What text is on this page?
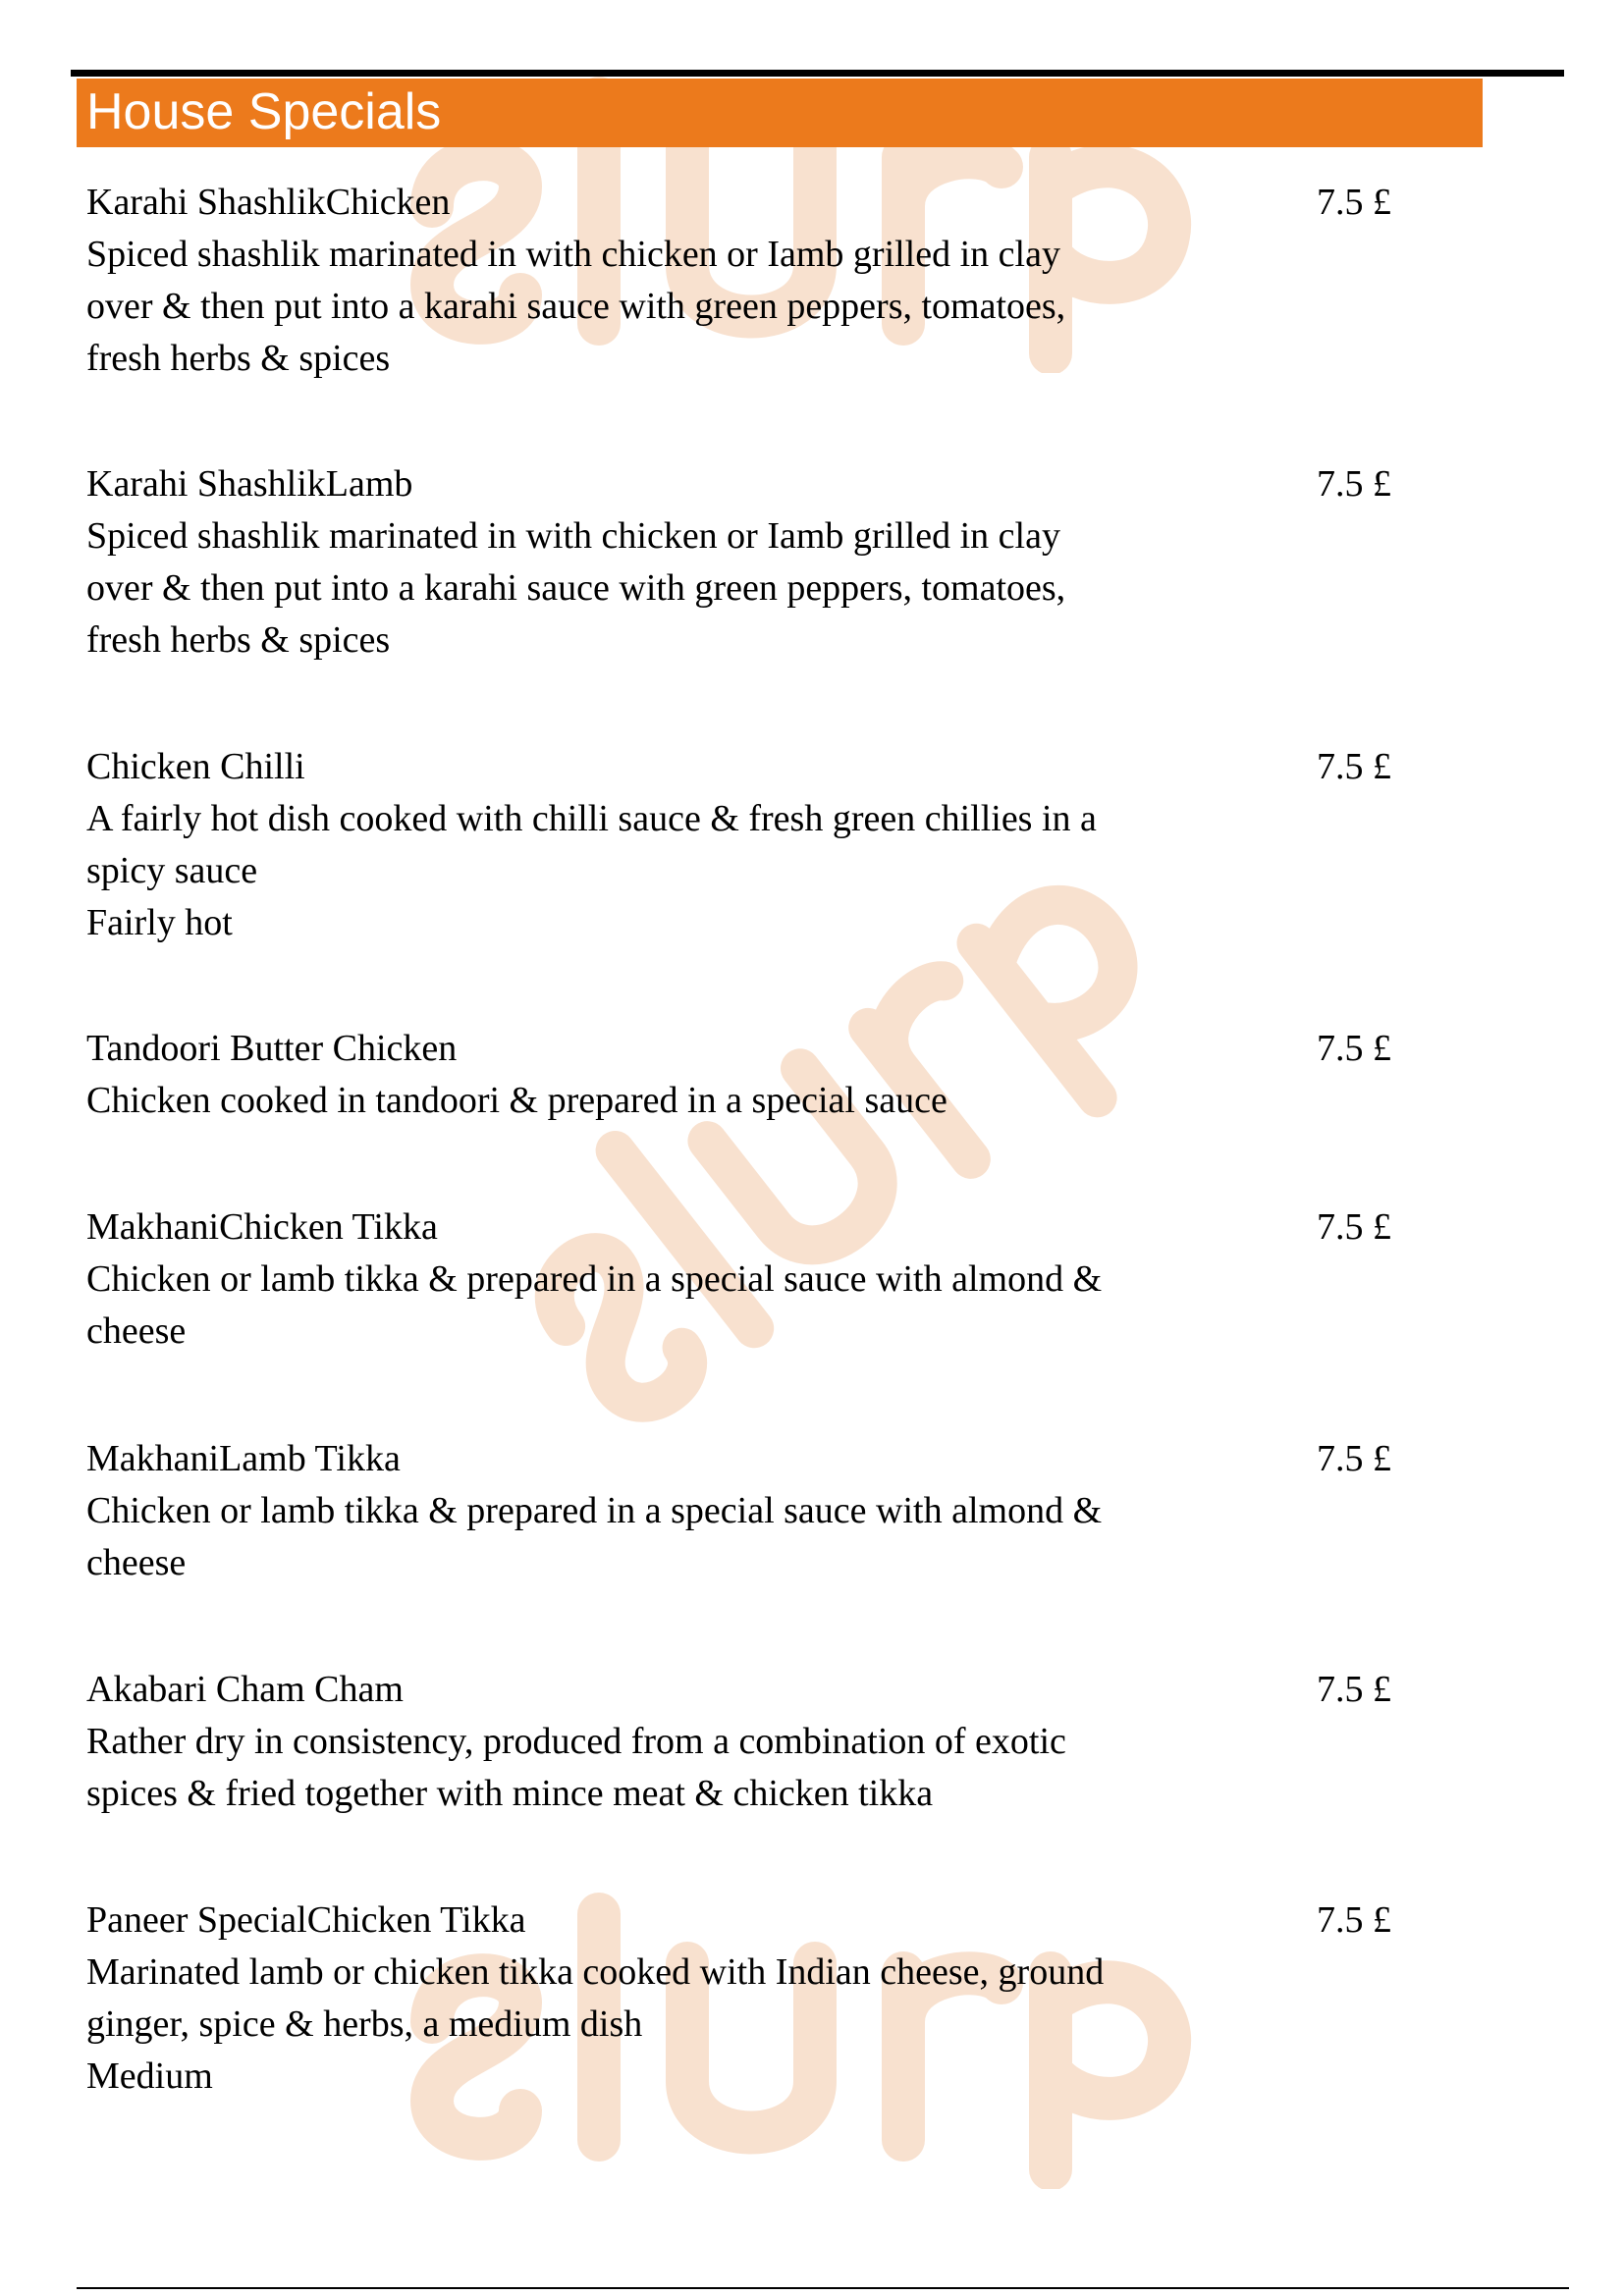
House Specials
Karahi ShashlikChicken	7.5 £
Spiced shashlik marinated in with chicken or Iamb grilled in clay
over & then put into a karahi sauce with green peppers, tomatoes,
fresh herbs & spices
Karahi ShashlikLamb	7.5 £
Spiced shashlik marinated in with chicken or Iamb grilled in clay
over & then put into a karahi sauce with green peppers, tomatoes,
fresh herbs & spices
Chicken Chilli	7.5 £
A fairly hot dish cooked with chilli sauce & fresh green chillies in a
spicy sauce
Fairly hot
Tandoori Butter Chicken	7.5 £
Chicken cooked in tandoori & prepared in a special sauce
MakhaniChicken Tikka	7.5 £
Chicken or lamb tikka & prepared in a special sauce with almond &
cheese
MakhaniLamb Tikka	7.5 £
Chicken or lamb tikka & prepared in a special sauce with almond &
cheese
Akabari Cham Cham	7.5 £
Rather dry in consistency, produced from a combination of exotic
spices & fried together with mince meat & chicken tikka
Paneer SpecialChicken Tikka	7.5 £
Marinated lamb or chicken tikka cooked with Indian cheese, ground
ginger, spice & herbs, a medium dish
Medium
